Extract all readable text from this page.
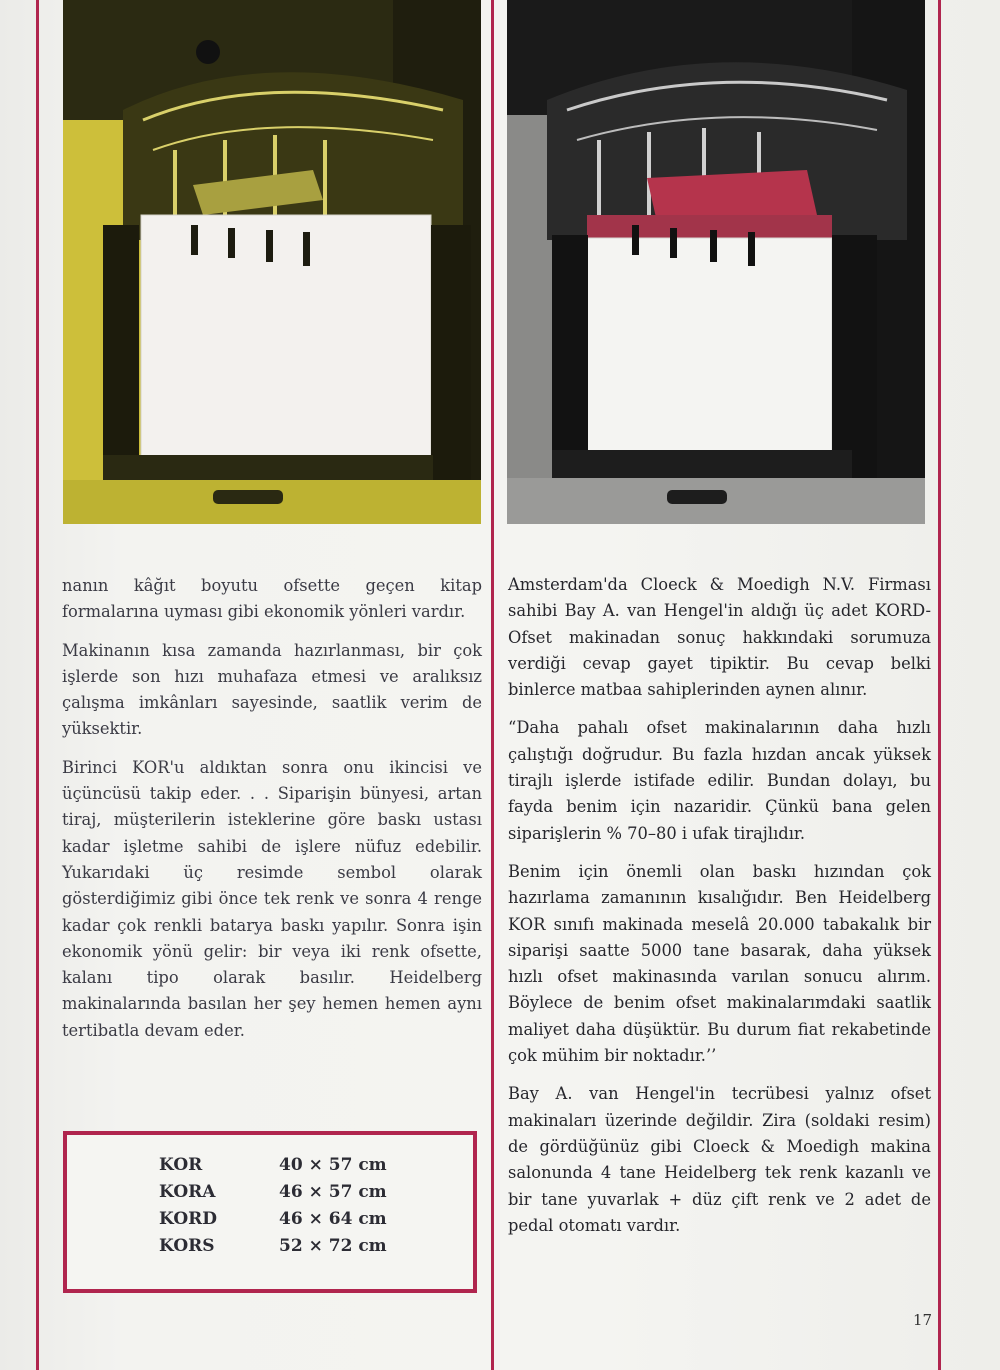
nanın kâğıt boyutu ofsette geçen kitap formalarına uyması gibi ekonomik yönleri vardır.

Makinanın kısa zamanda hazırlanması, bir çok işlerde son hızı muhafaza etmesi ve aralıksız çalışma imkânları sayesinde, saatlik verim de yüksektir.

Birinci KOR'u aldıktan sonra onu ikincisi ve üçüncüsü takip eder. . . Siparişin bünyesi, artan tiraj, müşterilerin isteklerine göre baskı ustası kadar işletme sahibi de işlere nüfuz edebilir. Yukarıdaki üç resimde sembol olarak gösterdiğimiz gibi önce tek renk ve sonra 4 renge kadar çok renkli batarya baskı yapılır. Sonra işin ekonomik yönü gelir: bir veya iki renk ofsette, kalanı tipo olarak basılır. Heidelberg makinalarında basılan her şey hemen hemen aynı tertibatla devam eder.

KOR	40 × 57 cm
KORA	46 × 57 cm
KORD	46 × 64 cm
KORS	52 × 72 cm

Amsterdam'da Cloeck & Moedigh N.V. Firması sahibi Bay A. van Hengel'in aldığı üç adet KORD-Ofset makinadan sonuç hakkındaki sorumuza verdiği cevap gayet tipiktir. Bu cevap belki binlerce matbaa sahiplerinden aynen alınır.

“Daha pahalı ofset makinalarının daha hızlı çalıştığı doğrudur. Bu fazla hızdan ancak yüksek tirajlı işlerde istifade edilir. Bundan dolayı, bu fayda benim için nazaridir. Çünkü bana gelen siparişlerin % 70–80 i ufak tirajlıdır.

Benim için önemli olan baskı hızından çok hazırlama zamanının kısalığıdır. Ben Heidelberg KOR sınıfı makinada meselâ 20.000 tabakalık bir siparişi saatte 5000 tane basarak, daha yüksek hızlı ofset makinasında varılan sonucu alırım. Böylece de benim ofset makinalarımdaki saatlik maliyet daha düşüktür. Bu durum fiat rekabetinde çok mühim bir noktadır.’’

Bay A. van Hengel'in tecrübesi yalnız ofset makinaları üzerinde değildir. Zira (soldaki resim) de gördüğünüz gibi Cloeck & Moedigh makina salonunda 4 tane Heidelberg tek renk kazanlı ve bir tane yuvarlak + düz çift renk ve 2 adet de pedal otomatı vardır.

17
